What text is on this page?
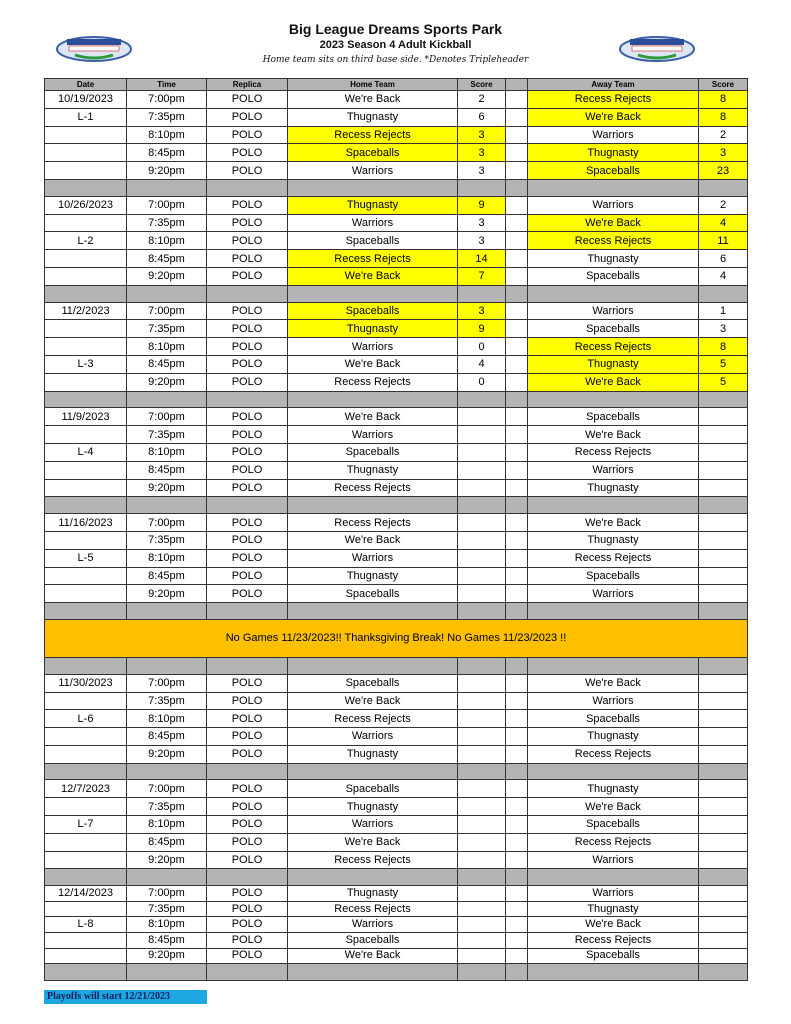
Big League Dreams Sports Park
2023 Season 4 Adult Kickball
Home team sits on third base side. *Denotes Tripleheader
Date	Time	Replica	Home Team	Score		Away Team	Score
10/19/2023	7:00pm	POLO	We're Back	2		Recess Rejects	8
L-1	7:35pm	POLO	Thugnasty	6		We're Back	8
	8:10pm	POLO	Recess Rejects	3		Warriors	2
	8:45pm	POLO	Spaceballs	3		Thugnasty	3
	9:20pm	POLO	Warriors	3		Spaceballs	23

10/26/2023	7:00pm	POLO	Thugnasty	9		Warriors	2
	7:35pm	POLO	Warriors	3		We're Back	4
L-2	8:10pm	POLO	Spaceballs	3		Recess Rejects	11
	8:45pm	POLO	Recess Rejects	14		Thugnasty	6
	9:20pm	POLO	We're Back	7		Spaceballs	4

11/2/2023	7:00pm	POLO	Spaceballs	3		Warriors	1
	7:35pm	POLO	Thugnasty	9		Spaceballs	3
	8:10pm	POLO	Warriors	0		Recess Rejects	8
L-3	8:45pm	POLO	We're Back	4		Thugnasty	5
	9:20pm	POLO	Recess Rejects	0		We're Back	5

11/9/2023	7:00pm	POLO	We're Back			Spaceballs	
	7:35pm	POLO	Warriors			We're Back	
L-4	8:10pm	POLO	Spaceballs			Recess Rejects	
	8:45pm	POLO	Thugnasty			Warriors	
	9:20pm	POLO	Recess Rejects			Thugnasty	

11/16/2023	7:00pm	POLO	Recess Rejects			We're Back	
	7:35pm	POLO	We're Back			Thugnasty	
L-5	8:10pm	POLO	Warriors			Recess Rejects	
	8:45pm	POLO	Thugnasty			Spaceballs	
	9:20pm	POLO	Spaceballs			Warriors	

No Games 11/23/2023!! Thanksgiving Break! No Games 11/23/2023 !!							

11/30/2023	7:00pm	POLO	Spaceballs			We're Back	
	7:35pm	POLO	We're Back			Warriors	
L-6	8:10pm	POLO	Recess Rejects			Spaceballs	
	8:45pm	POLO	Warriors			Thugnasty	
	9:20pm	POLO	Thugnasty			Recess Rejects	

12/7/2023	7:00pm	POLO	Spaceballs			Thugnasty	
	7:35pm	POLO	Thugnasty			We're Back	
L-7	8:10pm	POLO	Warriors			Spaceballs	
	8:45pm	POLO	We're Back			Recess Rejects	
	9:20pm	POLO	Recess Rejects			Warriors	

12/14/2023	7:00pm	POLO	Thugnasty			Warriors	
	7:35pm	POLO	Recess Rejects			Thugnasty	
L-8	8:10pm	POLO	Warriors			We're Back	
	8:45pm	POLO	Spaceballs			Recess Rejects	
	9:20pm	POLO	We're Back			Spaceballs	

Playoffs will start 12/21/2023
